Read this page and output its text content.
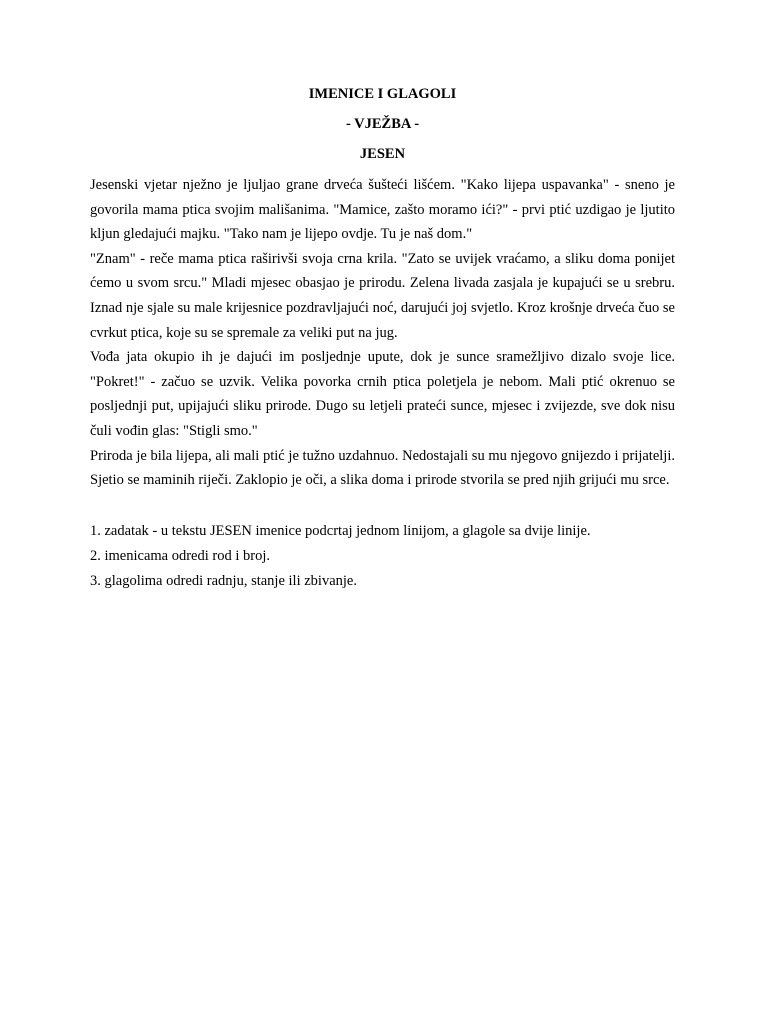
IMENICE I GLAGOLI

- VJEŽBA -

JESEN

Jesenski vjetar nježno je ljuljao grane drveća šušteći lišćem. "Kako lijepa uspavanka" - sneno je govorila mama ptica svojim mališanima. "Mamice, zašto moramo ići?" - prvi ptić uzdigao je ljutito kljun gledajući majku. "Tako nam je lijepo ovdje. Tu je naš dom."

"Znam" - reče mama ptica raširivši svoja crna krila. "Zato se uvijek vraćamo, a sliku doma ponijet ćemo u svom srcu." Mladi mjesec obasjao je prirodu. Zelena livada zasjala je kupajući se u srebru. Iznad nje sjale su male krijesnice pozdravljajući noć, darujući joj svjetlo. Kroz krošnje drveća čuo se cvrkut ptica, koje su se spremale za veliki put na jug.

Vođa jata okupio ih je dajući im posljednje upute, dok je sunce sramežljivo dizalo svoje lice. "Pokret!" - začuo se uzvik. Velika povorka crnih ptica poletjela je nebom. Mali ptić okrenuo se posljednji put, upijajući sliku prirode. Dugo su letjeli prateći sunce, mjesec i zvijezde, sve dok nisu čuli vođin glas: "Stigli smo."

Priroda je bila lijepa, ali mali ptić je tužno uzdahnuo. Nedostajali su mu njegovo gnijezdo i prijatelji. Sjetio se maminih riječi. Zaklopio je oči, a slika doma i prirode stvorila se pred njih grijući mu srce.

1. zadatak - u tekstu JESEN imenice podcrtaj jednom linijom, a glagole sa dvije linije.

2. imenicama odredi rod i broj.

3. glagolima odredi radnju, stanje ili zbivanje.
